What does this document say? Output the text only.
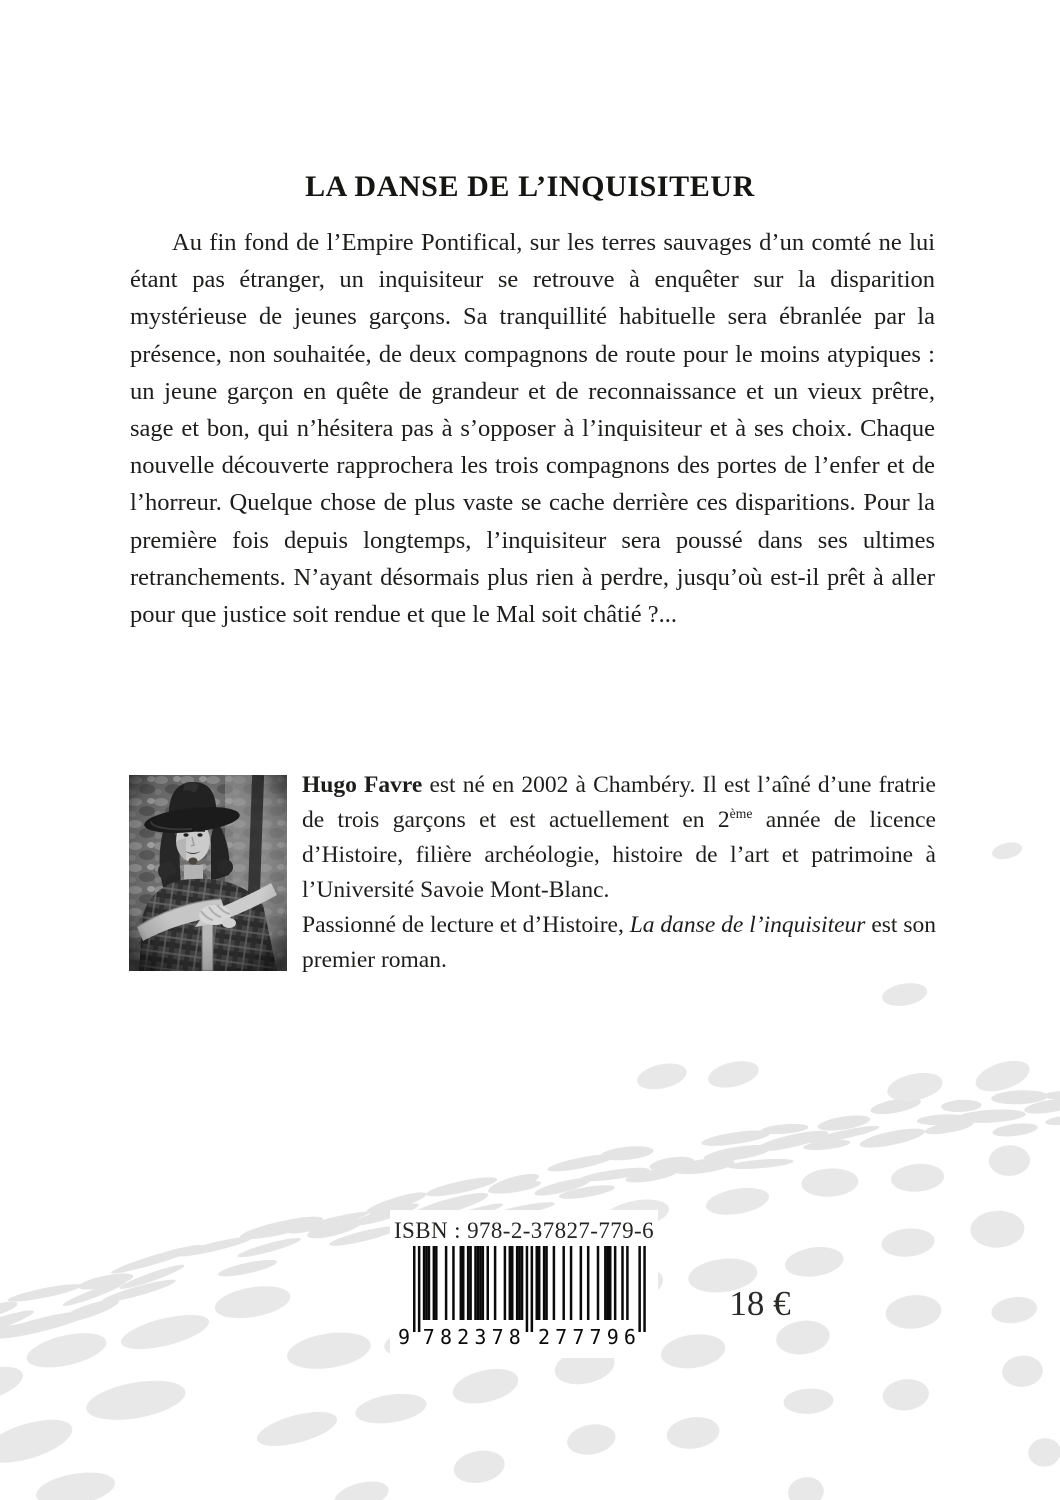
LA DANSE DE L’INQUISITEUR

Au fin fond de l’Empire Pontifical, sur les terres sauvages d’un comté ne lui étant pas étranger, un inquisiteur se retrouve à enquêter sur la disparition mystérieuse de jeunes garçons. Sa tranquillité habituelle sera ébranlée par la présence, non souhaitée, de deux compagnons de route pour le moins atypiques : un jeune garçon en quête de grandeur et de reconnaissance et un vieux prêtre, sage et bon, qui n’hésitera pas à s’opposer à l’inquisiteur et à ses choix. Chaque nouvelle découverte rapprochera les trois compagnons des portes de l’enfer et de l’horreur. Quelque chose de plus vaste se cache derrière ces disparitions. Pour la première fois depuis longtemps, l’inquisiteur sera poussé dans ses ultimes retranchements. N’ayant désormais plus rien à perdre, jusqu’où est-il prêt à aller pour que justice soit rendue et que le Mal soit châtié ?...

Hugo Favre est né en 2002 à Chambéry. Il est l’aîné d’une fratrie de trois garçons et est actuellement en 2ème année de licence d’Histoire, filière archéologie, histoire de l’art et patrimoine à l’Université Savoie Mont-Blanc.

Passionné de lecture et d’Histoire, La danse de l’inquisiteur est son premier roman.

ISBN : 978-2-37827-779-6
9 782378 277796
18 €
